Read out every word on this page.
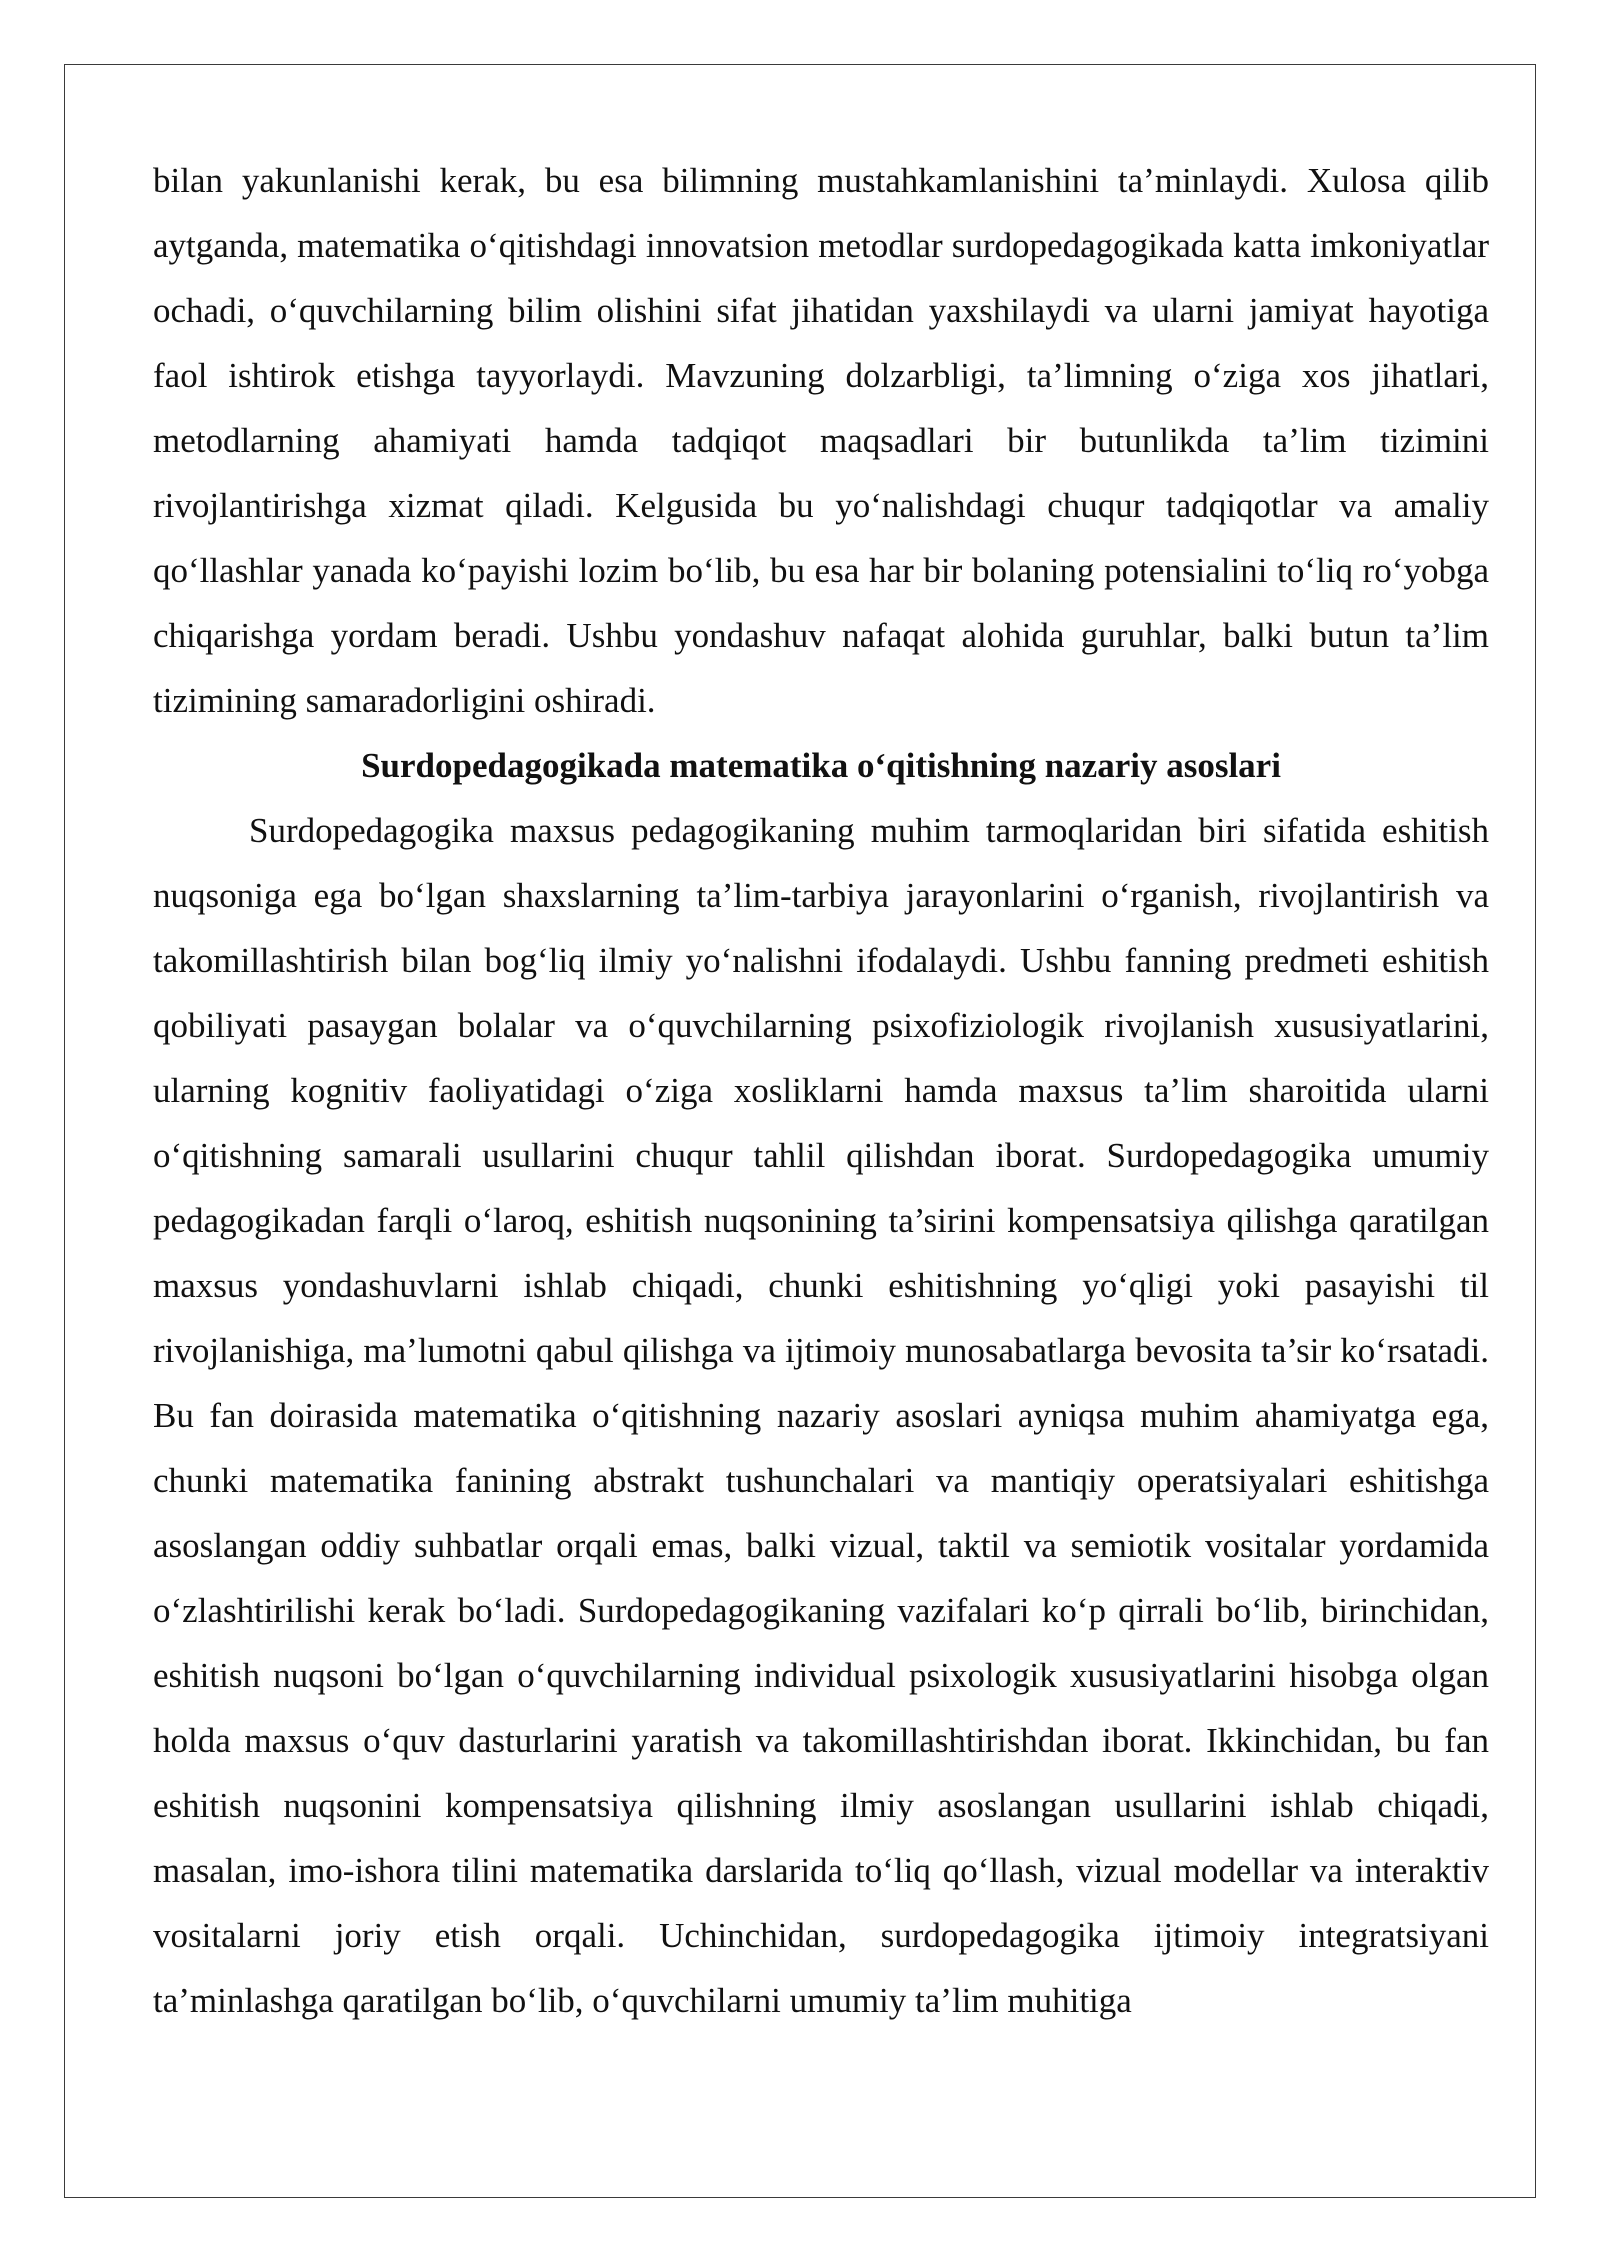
bilan yakunlanishi kerak, bu esa bilimning mustahkamlanishini ta’minlaydi. Xulosa qilib aytganda, matematika o‘qitishdagi innovatsion metodlar surdopedagogikada katta imkoniyatlar ochadi, o‘quvchilarning bilim olishini sifat jihatidan yaxshilaydi va ularni jamiyat hayotiga faol ishtirok etishga tayyorlaydi. Mavzuning dolzarbligi, ta’limning o‘ziga xos jihatlari, metodlarning ahamiyati hamda tadqiqot maqsadlari bir butunlikda ta’lim tizimini rivojlantirishga xizmat qiladi. Kelgusida bu yo‘nalishdagi chuqur tadqiqotlar va amaliy qo‘llashlar yanada ko‘payishi lozim bo‘lib, bu esa har bir bolaning potensialini to‘liq ro‘yobga chiqarishga yordam beradi. Ushbu yondashuv nafaqat alohida guruhlar, balki butun ta’lim tizimining samaradorligini oshiradi.

Surdopedagogikada matematika o‘qitishning nazariy asoslari

Surdopedagogika maxsus pedagogikaning muhim tarmoqlaridan biri sifatida eshitish nuqsoniga ega bo‘lgan shaxslarning ta’lim-tarbiya jarayonlarini o‘rganish, rivojlantirish va takomillashtirish bilan bog‘liq ilmiy yo‘nalishni ifodalaydi. Ushbu fanning predmeti eshitish qobiliyati pasaygan bolalar va o‘quvchilarning psixofiziologik rivojlanish xususiyatlarini, ularning kognitiv faoliyatidagi o‘ziga xosliklarni hamda maxsus ta’lim sharoitida ularni o‘qitishning samarali usullarini chuqur tahlil qilishdan iborat. Surdopedagogika umumiy pedagogikadan farqli o‘laroq, eshitish nuqsonining ta’sirini kompensatsiya qilishga qaratilgan maxsus yondashuvlarni ishlab chiqadi, chunki eshitishning yo‘qligi yoki pasayishi til rivojlanishiga, ma’lumotni qabul qilishga va ijtimoiy munosabatlarga bevosita ta’sir ko‘rsatadi. Bu fan doirasida matematika o‘qitishning nazariy asoslari ayniqsa muhim ahamiyatga ega, chunki matematika fanining abstrakt tushunchalari va mantiqiy operatsiyalari eshitishga asoslangan oddiy suhbatlar orqali emas, balki vizual, taktil va semiotik vositalar yordamida o‘zlashtirilishi kerak bo‘ladi. Surdopedagogikaning vazifalari ko‘p qirrali bo‘lib, birinchidan, eshitish nuqsoni bo‘lgan o‘quvchilarning individual psixologik xususiyatlarini hisobga olgan holda maxsus o‘quv dasturlarini yaratish va takomillashtirishdan iborat. Ikkinchidan, bu fan eshitish nuqsonini kompensatsiya qilishning ilmiy asoslangan usullarini ishlab chiqadi, masalan, imo-ishora tilini matematika darslarida to‘liq qo‘llash, vizual modellar va interaktiv vositalarni joriy etish orqali. Uchinchidan, surdopedagogika ijtimoiy integratsiyani ta’minlashga qaratilgan bo‘lib, o‘quvchilarni umumiy ta’lim muhitiga
